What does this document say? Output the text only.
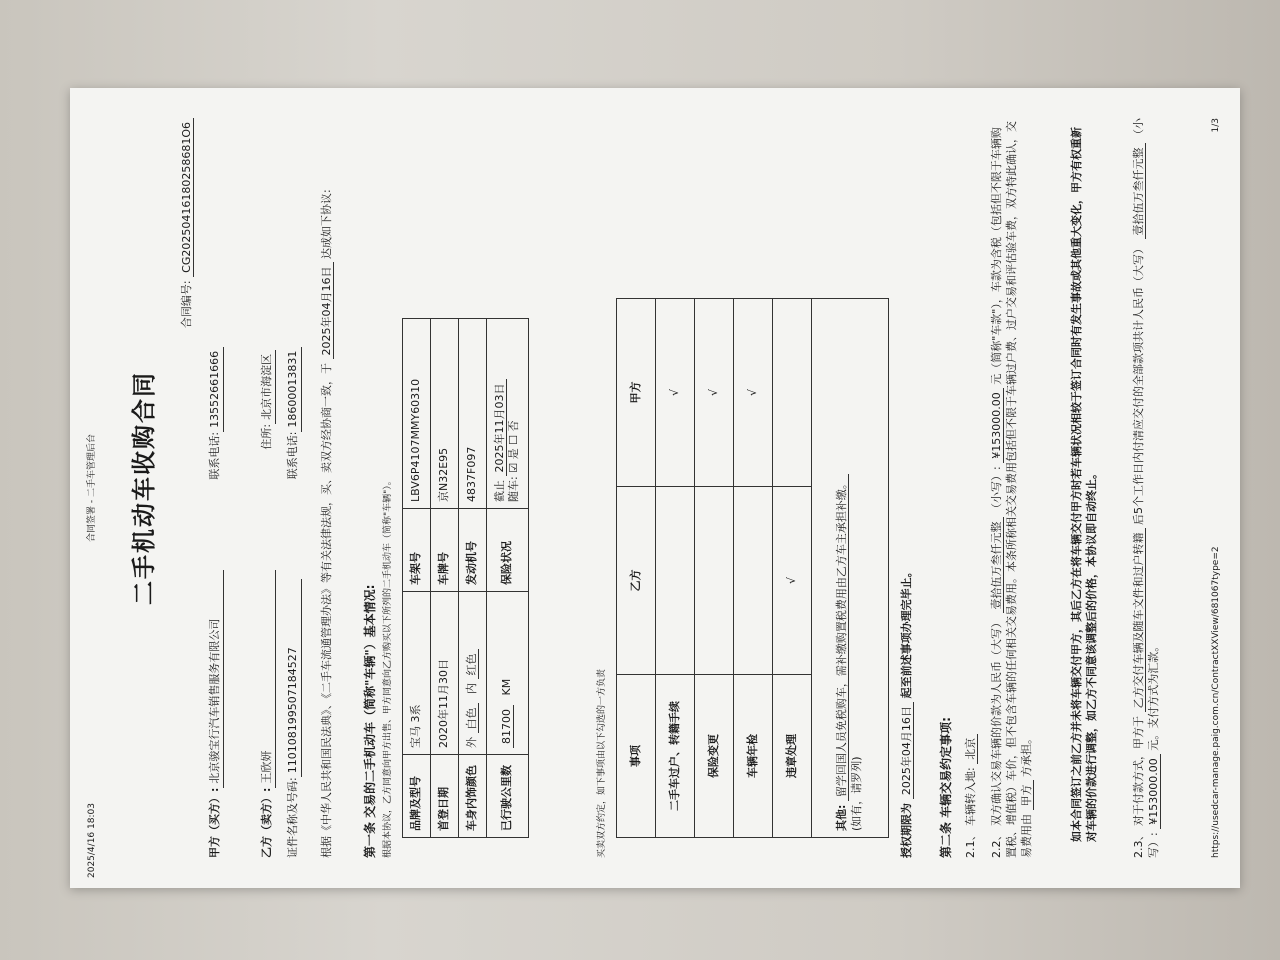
2025/4/16 18:03
合同签署 - 二手车管理后台 二手机动车收购合同
合同编号: CG20250416180258681O6
甲方（买方）:
北京骏宝行汽车销售服务有限公司
联系电话:
13552661666
乙方（卖方）:
王欣妍
住所:
北京市海淀区
证件名称及号码:
110108199507184527
联系电话:
18600013831 根据《中华人民共和国民法典》、《二手车流通管理办法》等有关法律法规，买、卖双方经协商一致，于 2025年04月16日 达成如下协议:
第一条 交易的二手机动车（简称"车辆"）基本情况: 根据本协议，乙方同意向甲方出售、甲方同意向乙方购买以下所列的二手机动车（简称"车辆"）。 品牌及型号	宝马 3系	车架号	LBV6P4107MMY60310
首登日期	2020年11月30日	车牌号	京N32E95
车身内饰颜色	外 白色 内 红色	发动机号	4837F097
已行驶公里数	81700 KM	保险状况	截止 2025年11月03日
随车: ☑ 是 ☐ 否
买卖双方约定，如下事项由以下勾选的一方负责 事项	乙方	甲方
二手车过户、转籍手续		√
保险变更		√
车辆年检		√
违章处理	√	
其他: 留学回国人员免税购车，需补缴购置税费用由乙方车主承担补缴。 (如有，请罗列)			授权期限为 2025年04月16日 起至前述事项办理完毕止。
第二条 车辆交易约定事项: 2.1、 车辆转入地: 北京
2.2、 双方确认交易车辆的价款为人民币（大写） 壹拾伍万叁仟元整 （小写）: ¥153000.00 元（简称"车款"），车款为含税（包括但不限于车辆购置税、增值税）车价，但不包含车辆的任何相关交易费用。本条所称相关交易费用包括但不限于车辆过户费、过户交易和评估验车费，双方特此确认，交易费用由 甲方 方承担。	如本合同签订之前乙方并未将车辆交付甲方，其后乙方在将车辆交付甲方时若车辆状况相较于签订合同时有发生事故或其他重大变化，甲方有权重新对车辆的价款进行调整，如乙方不同意该调整后的价格，本协议即自动终止。
2.3、 对于付款方式，甲方于 乙方交付车辆及随车文件和过户转籍 后5个工作日内付清应交付的全部款项共计人民币（大写） 壹拾伍万叁仟元整 （小写）: ¥153000.00 元。支付方式为汇款。	https://usedcar-manage.paig.com.cn/ContractXXView/681067type=2
1/3
